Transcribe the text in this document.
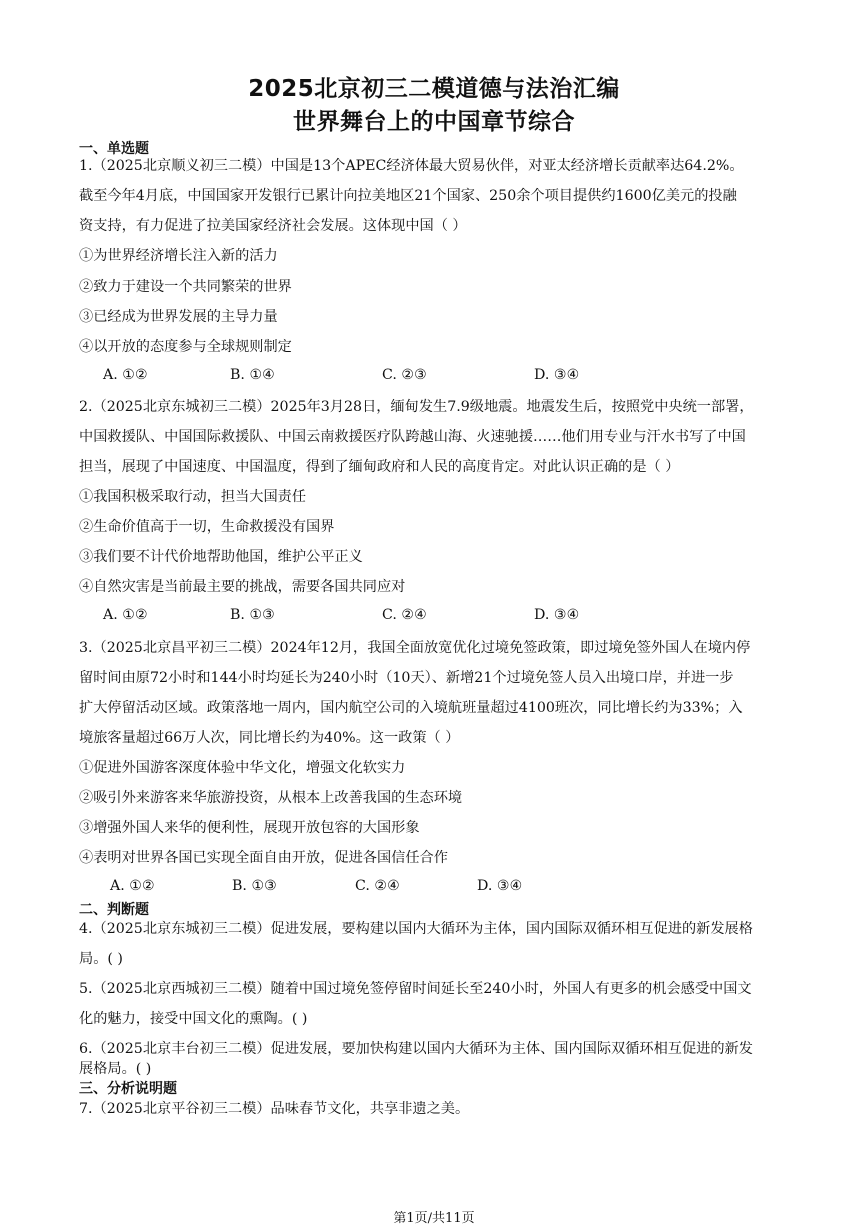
2025北京初三二模道德与法治汇编
世界舞台上的中国章节综合
一、单选题
1.（2025北京顺义初三二模）中国是13个APEC经济体最大贸易伙伴，对亚太经济增长贡献率达64.2%。
截至今年4月底，中国国家开发银行已累计向拉美地区21个国家、250余个项目提供约1600亿美元的投融
资支持，有力促进了拉美国家经济社会发展。这体现中国（ ）
①为世界经济增长注入新的活力
②致力于建设一个共同繁荣的世界
③已经成为世界发展的主导力量
④以开放的态度参与全球规则制定
A. ①②	B. ①④	C. ②③	D. ③④
2.（2025北京东城初三二模）2025年3月28日，缅甸发生7.9级地震。地震发生后，按照党中央统一部署，
中国救援队、中国国际救援队、中国云南救援医疗队跨越山海、火速驰援……他们用专业与汗水书写了中国
担当，展现了中国速度、中国温度，得到了缅甸政府和人民的高度肯定。对此认识正确的是（ ）
①我国积极采取行动，担当大国责任
②生命价值高于一切，生命救援没有国界
③我们要不计代价地帮助他国，维护公平正义
④自然灾害是当前最主要的挑战，需要各国共同应对
A. ①②	B. ①③	C. ②④	D. ③④
3.（2025北京昌平初三二模）2024年12月，我国全面放宽优化过境免签政策，即过境免签外国人在境内停
留时间由原72小时和144小时均延长为240小时（10天）、新增21个过境免签人员入出境口岸，并进一步
扩大停留活动区域。政策落地一周内，国内航空公司的入境航班量超过4100班次，同比增长约为33%；入
境旅客量超过66万人次，同比增长约为40%。这一政策（ ）
①促进外国游客深度体验中华文化，增强文化软实力
②吸引外来游客来华旅游投资，从根本上改善我国的生态环境
③增强外国人来华的便利性，展现开放包容的大国形象
④表明对世界各国已实现全面自由开放，促进各国信任合作
A. ①②	B. ①③	C. ②④	D. ③④
二、判断题
4.（2025北京东城初三二模）促进发展，要构建以国内大循环为主体，国内国际双循环相互促进的新发展格
局。( )
5.（2025北京西城初三二模）随着中国过境免签停留时间延长至240小时，外国人有更多的机会感受中国文
化的魅力，接受中国文化的熏陶。( )
6.（2025北京丰台初三二模）促进发展，要加快构建以国内大循环为主体、国内国际双循环相互促进的新发
展格局。( )
三、分析说明题
7.（2025北京平谷初三二模）品味春节文化，共享非遗之美。
第1页/共11页
